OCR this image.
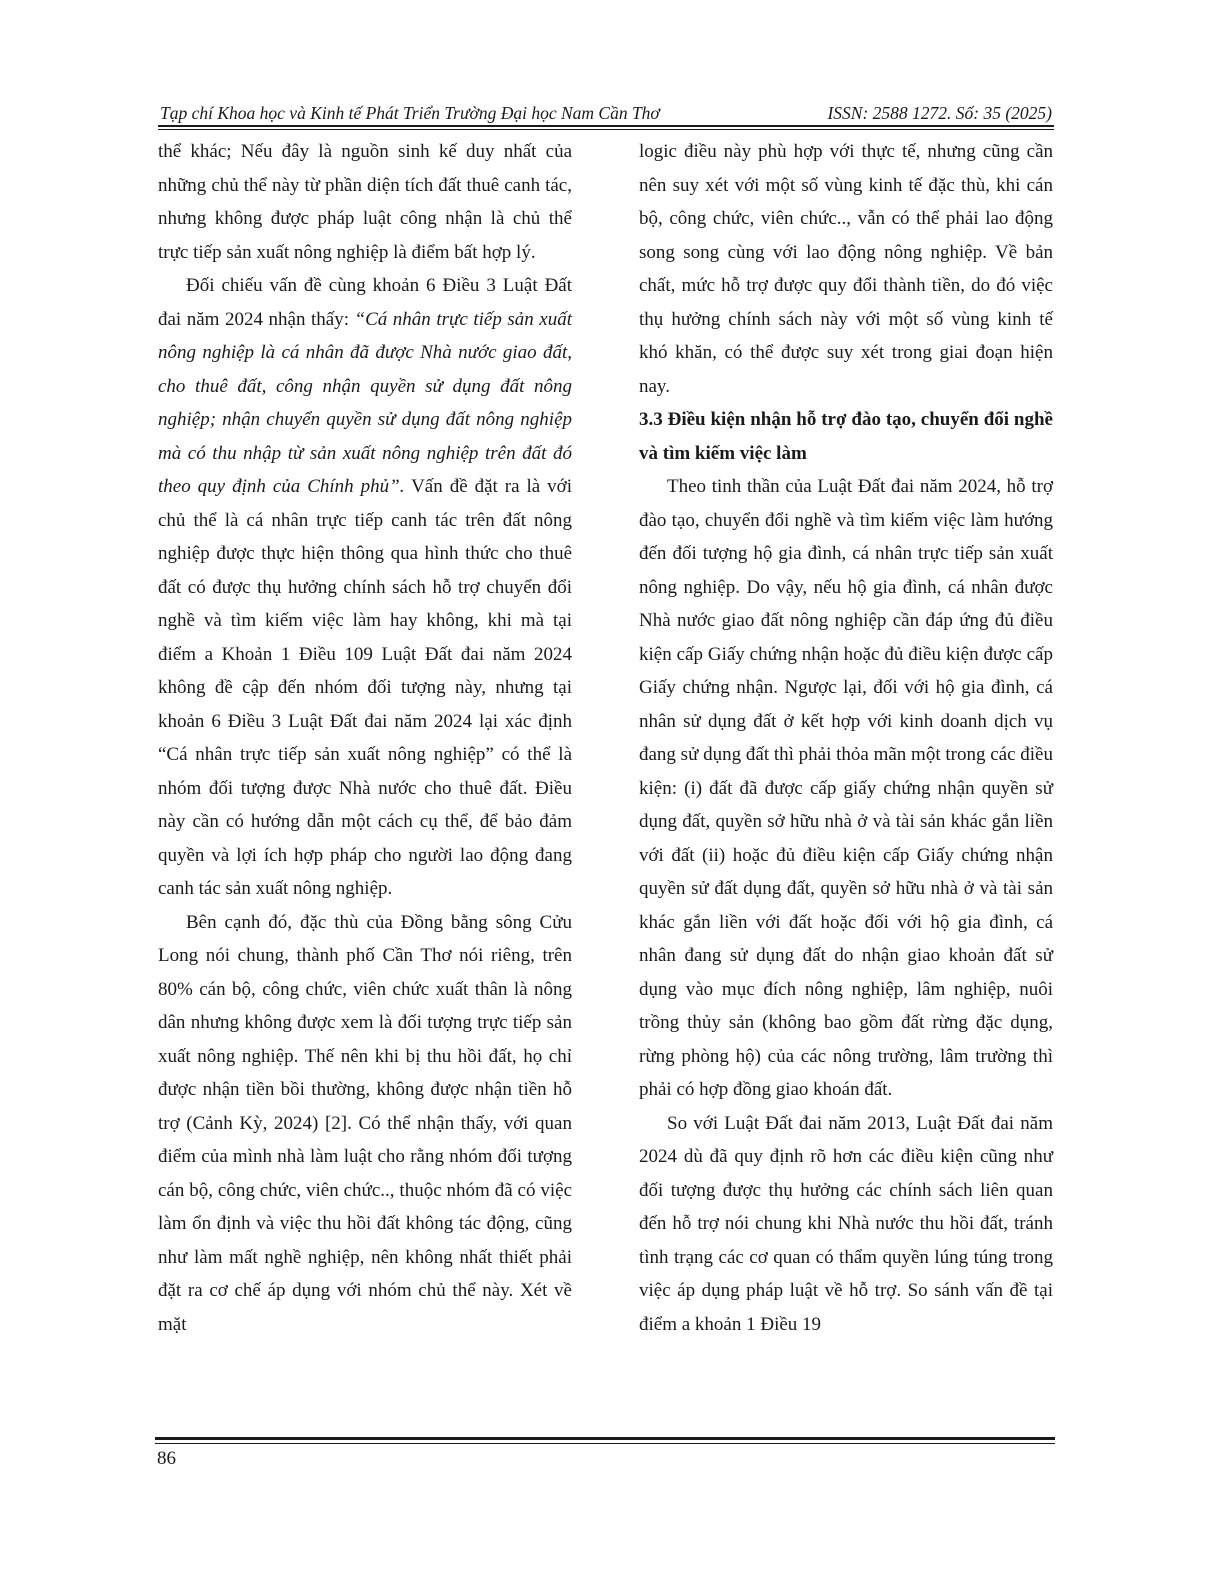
Tạp chí Khoa học và Kinh tế Phát Triển Trường Đại học Nam Cần Thơ	ISSN: 2588 1272. Số: 35 (2025)

thể khác; Nếu đây là nguồn sinh kế duy nhất của những chủ thể này từ phần diện tích đất thuê canh tác, nhưng không được pháp luật công nhận là chủ thể trực tiếp sản xuất nông nghiệp là điểm bất hợp lý.

Đối chiếu vấn đề cùng khoản 6 Điều 3 Luật Đất đai năm 2024 nhận thấy: “Cá nhân trực tiếp sản xuất nông nghiệp là cá nhân đã được Nhà nước giao đất, cho thuê đất, công nhận quyền sử dụng đất nông nghiệp; nhận chuyển quyền sử dụng đất nông nghiệp mà có thu nhập từ sản xuất nông nghiệp trên đất đó theo quy định của Chính phủ”. Vấn đề đặt ra là với chủ thể là cá nhân trực tiếp canh tác trên đất nông nghiệp được thực hiện thông qua hình thức cho thuê đất có được thụ hưởng chính sách hỗ trợ chuyển đổi nghề và tìm kiếm việc làm hay không, khi mà tại điểm a Khoản 1 Điều 109 Luật Đất đai năm 2024 không đề cập đến nhóm đối tượng này, nhưng tại khoản 6 Điều 3 Luật Đất đai năm 2024 lại xác định “Cá nhân trực tiếp sản xuất nông nghiệp” có thể là nhóm đối tượng được Nhà nước cho thuê đất. Điều này cần có hướng dẫn một cách cụ thể, để bảo đảm quyền và lợi ích hợp pháp cho người lao động đang canh tác sản xuất nông nghiệp.

Bên cạnh đó, đặc thù của Đồng bằng sông Cửu Long nói chung, thành phố Cần Thơ nói riêng, trên 80% cán bộ, công chức, viên chức xuất thân là nông dân nhưng không được xem là đối tượng trực tiếp sản xuất nông nghiệp. Thế nên khi bị thu hồi đất, họ chỉ được nhận tiền bồi thường, không được nhận tiền hỗ trợ (Cảnh Kỳ, 2024) [2]. Có thể nhận thấy, với quan điểm của mình nhà làm luật cho rằng nhóm đối tượng cán bộ, công chức, viên chức.., thuộc nhóm đã có việc làm ổn định và việc thu hồi đất không tác động, cũng như làm mất nghề nghiệp, nên không nhất thiết phải đặt ra cơ chế áp dụng với nhóm chủ thể này. Xét về mặt

logic điều này phù hợp với thực tế, nhưng cũng cần nên suy xét với một số vùng kinh tế đặc thù, khi cán bộ, công chức, viên chức.., vẫn có thể phải lao động song song cùng với lao động nông nghiệp. Về bản chất, mức hỗ trợ được quy đổi thành tiền, do đó việc thụ hưởng chính sách này với một số vùng kinh tế khó khăn, có thể được suy xét trong giai đoạn hiện nay.

3.3 Điều kiện nhận hỗ trợ đào tạo, chuyển đổi nghề và tìm kiếm việc làm

Theo tinh thần của Luật Đất đai năm 2024, hỗ trợ đào tạo, chuyển đổi nghề và tìm kiếm việc làm hướng đến đối tượng hộ gia đình, cá nhân trực tiếp sản xuất nông nghiệp. Do vậy, nếu hộ gia đình, cá nhân được Nhà nước giao đất nông nghiệp cần đáp ứng đủ điều kiện cấp Giấy chứng nhận hoặc đủ điều kiện được cấp Giấy chứng nhận. Ngược lại, đối với hộ gia đình, cá nhân sử dụng đất ở kết hợp với kinh doanh dịch vụ đang sử dụng đất thì phải thỏa mãn một trong các điều kiện: (i) đất đã được cấp giấy chứng nhận quyền sử dụng đất, quyền sở hữu nhà ở và tài sản khác gắn liền với đất (ii) hoặc đủ điều kiện cấp Giấy chứng nhận quyền sử đất dụng đất, quyền sở hữu nhà ở và tài sản khác gắn liền với đất hoặc đối với hộ gia đình, cá nhân đang sử dụng đất do nhận giao khoản đất sử dụng vào mục đích nông nghiệp, lâm nghiệp, nuôi trồng thủy sản (không bao gồm đất rừng đặc dụng, rừng phòng hộ) của các nông trường, lâm trường thì phải có hợp đồng giao khoán đất.

So với Luật Đất đai năm 2013, Luật Đất đai năm 2024 dù đã quy định rõ hơn các điều kiện cũng như đối tượng được thụ hưởng các chính sách liên quan đến hỗ trợ nói chung khi Nhà nước thu hồi đất, tránh tình trạng các cơ quan có thẩm quyền lúng túng trong việc áp dụng pháp luật về hỗ trợ. So sánh vấn đề tại điểm a khoản 1 Điều 19

86
